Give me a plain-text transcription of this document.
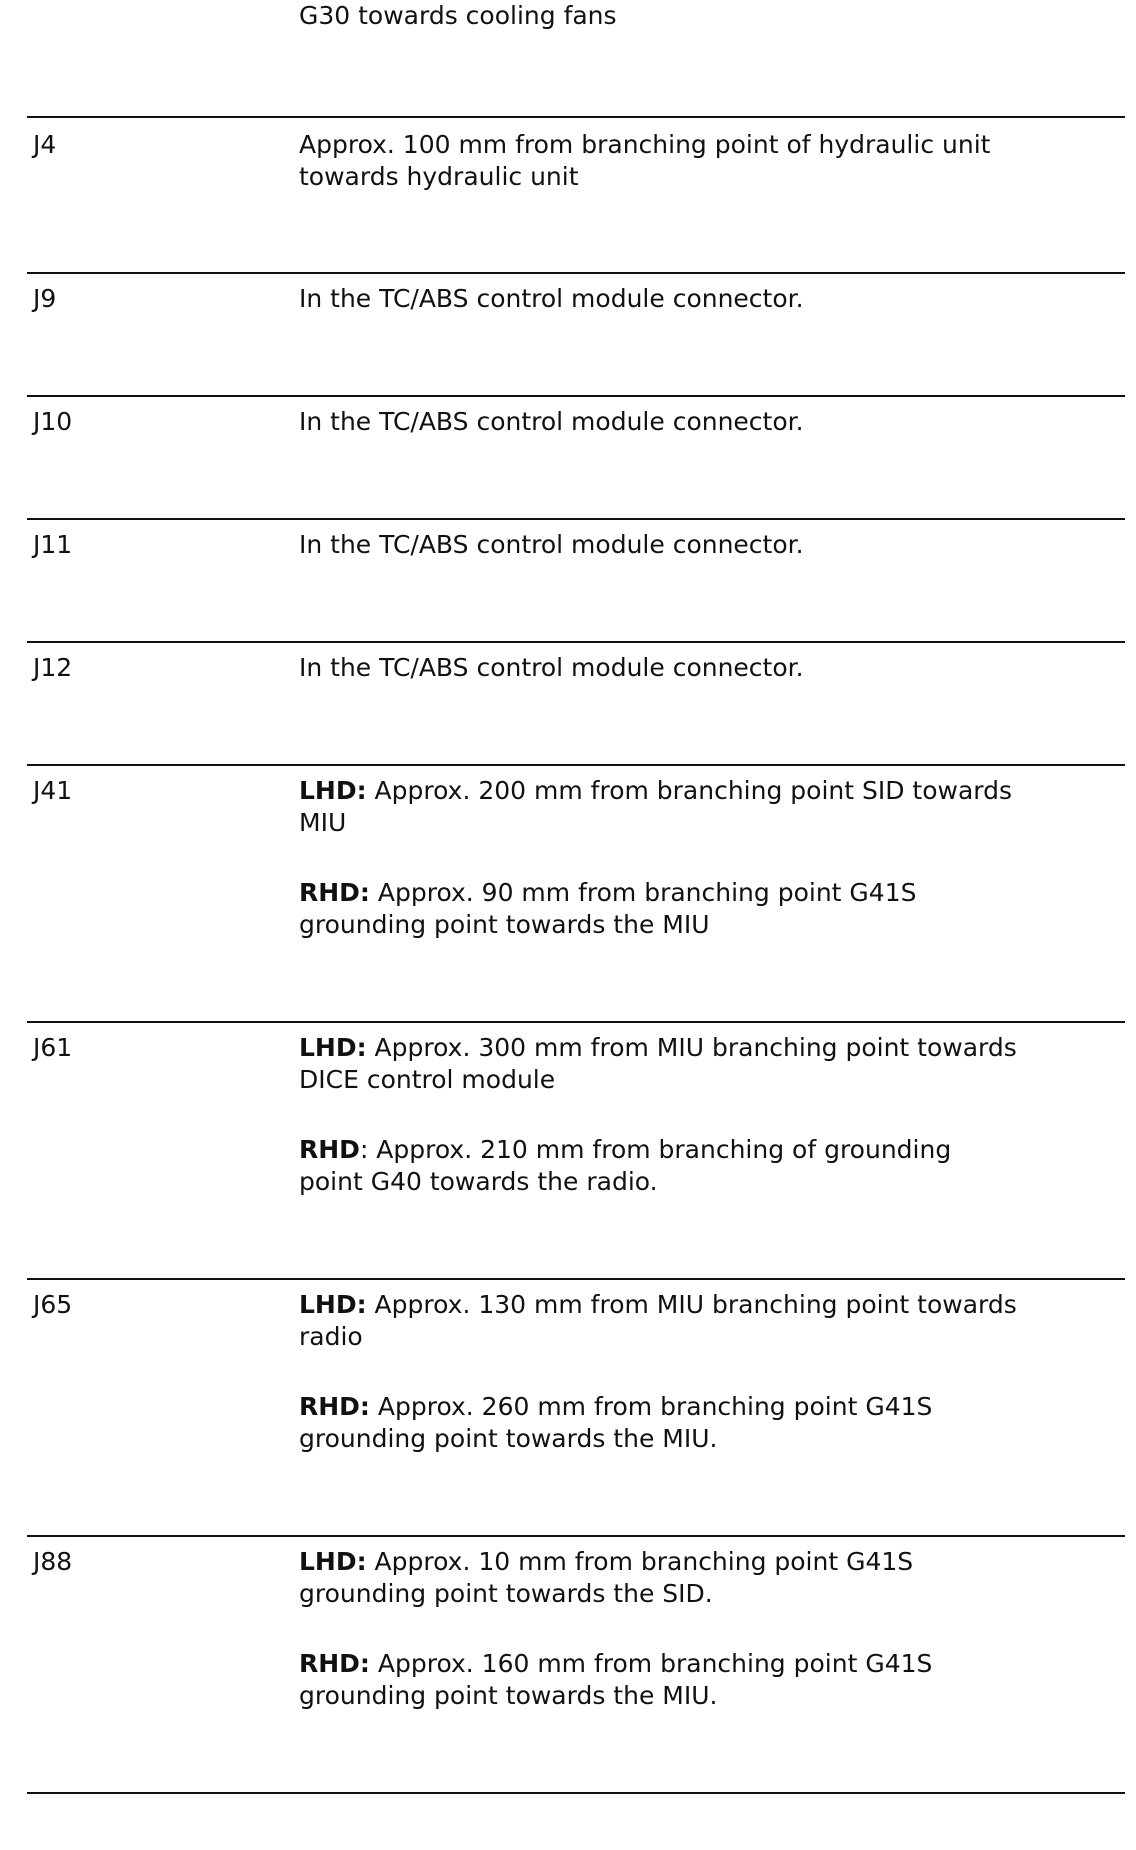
G30 towards cooling fans
J4	Approx. 100 mm from branching point of hydraulic unit
towards hydraulic unit
J9	In the TC/ABS control module connector.
J10	In the TC/ABS control module connector.
J11	In the TC/ABS control module connector.
J12	In the TC/ABS control module connector.
J41	LHD: Approx. 200 mm from branching point SID towards
MIU
RHD: Approx. 90 mm from branching point G41S
grounding point towards the MIU
J61	LHD: Approx. 300 mm from MIU branching point towards
DICE control module
RHD: Approx. 210 mm from branching of grounding
point G40 towards the radio.
J65	LHD: Approx. 130 mm from MIU branching point towards
radio
RHD: Approx. 260 mm from branching point G41S
grounding point towards the MIU.
J88	LHD: Approx. 10 mm from branching point G41S
grounding point towards the SID.
RHD: Approx. 160 mm from branching point G41S
grounding point towards the MIU.
